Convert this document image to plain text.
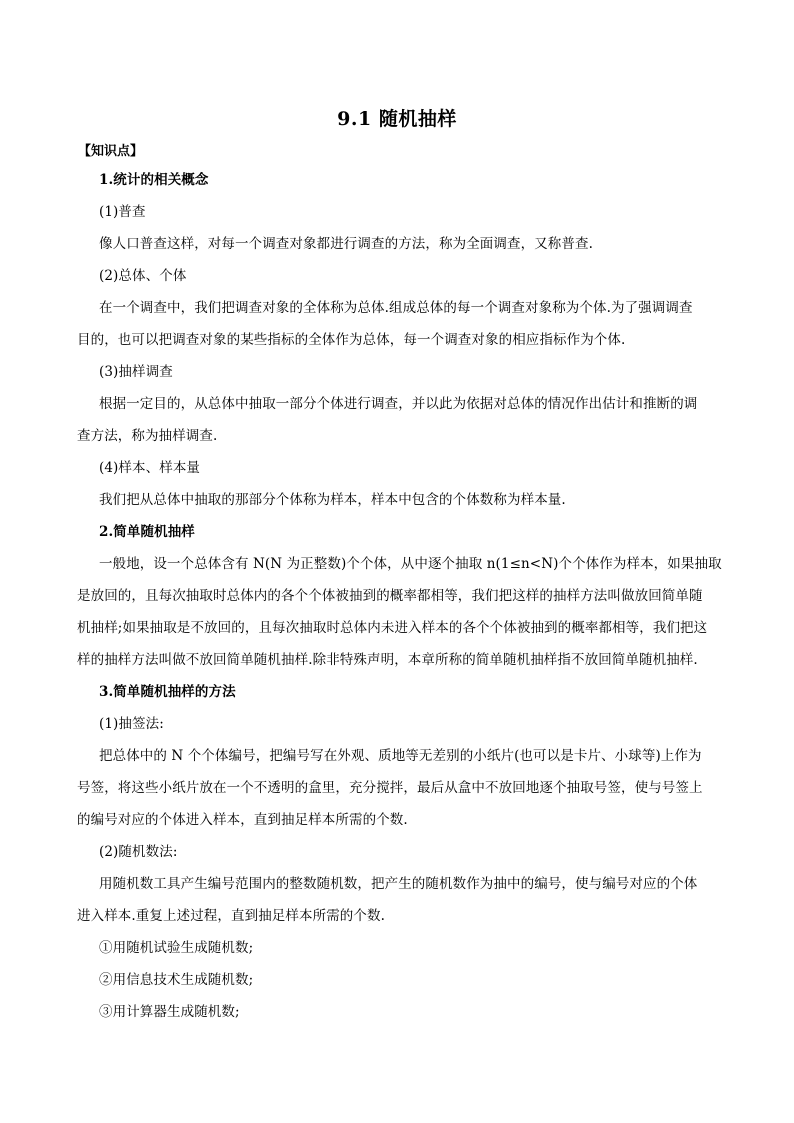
9.1 随机抽样
【知识点】
1.统计的相关概念
(1)普查
像人口普查这样，对每一个调查对象都进行调查的方法，称为全面调查，又称普查.
(2)总体、个体
在一个调查中，我们把调查对象的全体称为总体.组成总体的每一个调查对象称为个体.为了强调调查
目的，也可以把调查对象的某些指标的全体作为总体，每一个调查对象的相应指标作为个体.
(3)抽样调查
根据一定目的，从总体中抽取一部分个体进行调查，并以此为依据对总体的情况作出估计和推断的调
查方法，称为抽样调查.
(4)样本、样本量
我们把从总体中抽取的那部分个体称为样本，样本中包含的个体数称为样本量.
2.简单随机抽样
一般地，设一个总体含有 N(N 为正整数)个个体，从中逐个抽取 n(1≤n<N)个个体作为样本，如果抽取
是放回的，且每次抽取时总体内的各个个体被抽到的概率都相等，我们把这样的抽样方法叫做放回简单随
机抽样;如果抽取是不放回的，且每次抽取时总体内未进入样本的各个个体被抽到的概率都相等，我们把这
样的抽样方法叫做不放回简单随机抽样.除非特殊声明，本章所称的简单随机抽样指不放回简单随机抽样.
3.简单随机抽样的方法
(1)抽签法:
把总体中的 N 个个体编号，把编号写在外观、质地等无差别的小纸片(也可以是卡片、小球等)上作为
号签，将这些小纸片放在一个不透明的盒里，充分搅拌，最后从盒中不放回地逐个抽取号签，使与号签上
的编号对应的个体进入样本，直到抽足样本所需的个数.
(2)随机数法:
用随机数工具产生编号范围内的整数随机数，把产生的随机数作为抽中的编号，使与编号对应的个体
进入样本.重复上述过程，直到抽足样本所需的个数.
①用随机试验生成随机数;
②用信息技术生成随机数;
③用计算器生成随机数;
